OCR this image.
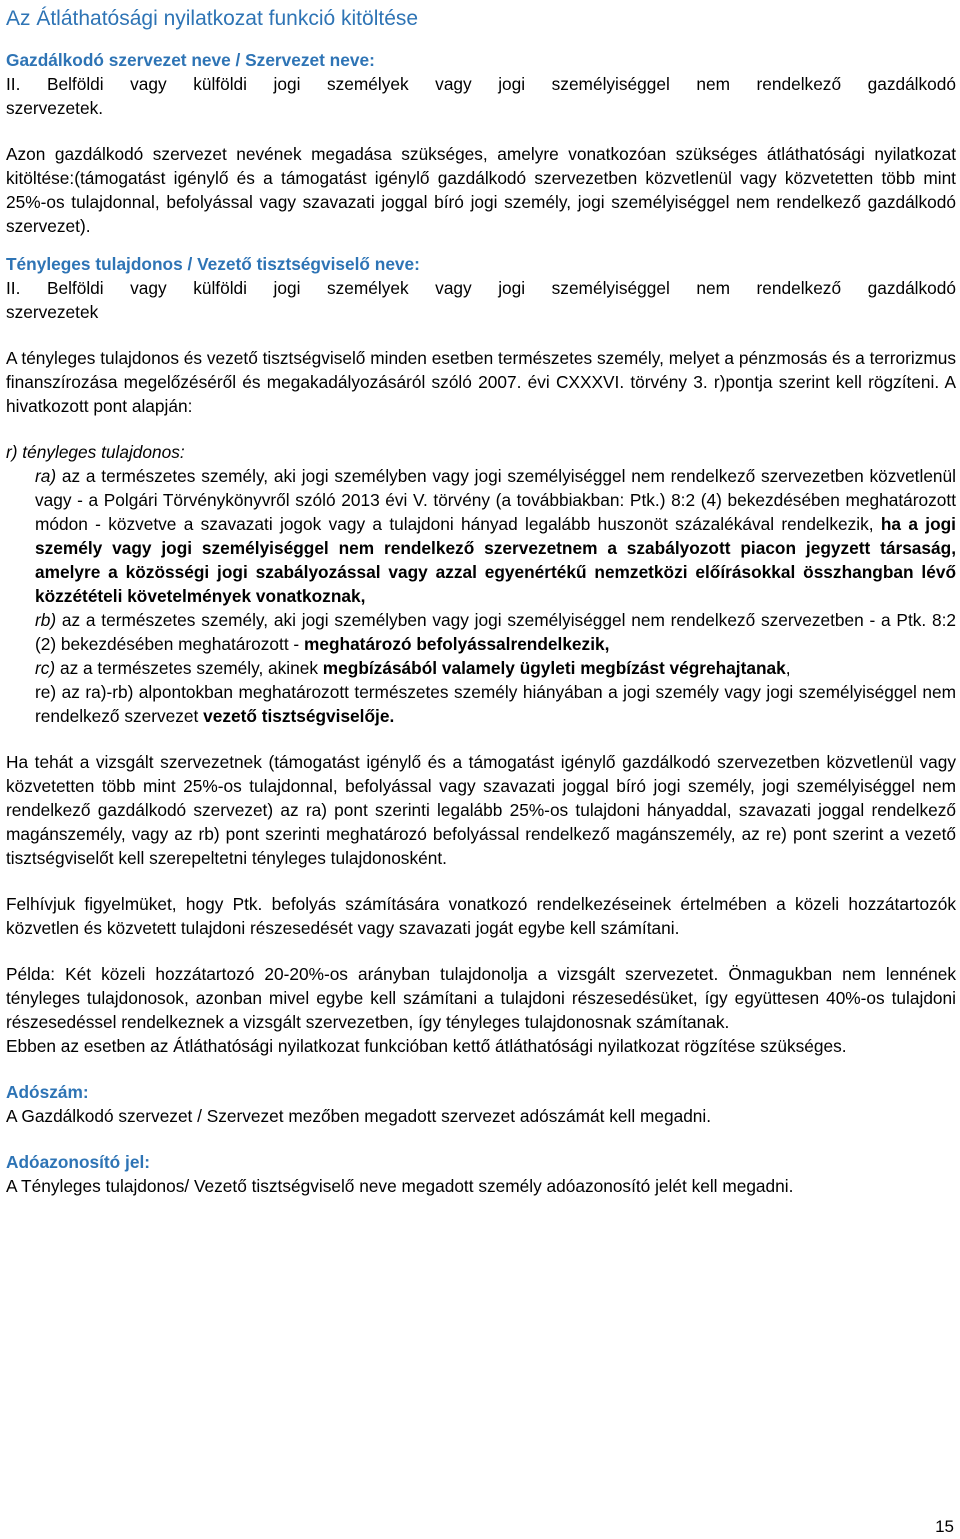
Az Átláthatósági nyilatkozat funkció kitöltése

Gazdálkodó szervezet neve / Szervezet neve:

II. Belföldi vagy külföldi jogi személyek vagy jogi személyiséggel nem rendelkező gazdálkodó

szervezetek.

Azon gazdálkodó szervezet nevének megadása szükséges, amelyre vonatkozóan szükséges átláthatósági nyilatkozat kitöltése:(támogatást igénylő és a támogatást igénylő gazdálkodó szervezetben közvetlenül vagy közvetetten több mint 25%-os tulajdonnal, befolyással vagy szavazati joggal bíró jogi személy, jogi személyiséggel nem rendelkező gazdálkodó szervezet).

Tényleges tulajdonos / Vezető tisztségviselő neve:

II. Belföldi vagy külföldi jogi személyek vagy jogi személyiséggel nem rendelkező gazdálkodó

szervezetek

A tényleges tulajdonos és vezető tisztségviselő minden esetben természetes személy, melyet a pénzmosás és a terrorizmus finanszírozása megelőzéséről és megakadályozásáról szóló 2007. évi CXXXVI. törvény 3. r)pontja szerint kell rögzíteni. A hivatkozott pont alapján:

r) tényleges tulajdonos:

ra) az a természetes személy, aki jogi személyben vagy jogi személyiséggel nem rendelkező szervezetben közvetlenül vagy - a Polgári Törvénykönyvről szóló 2013 évi V. törvény (a továbbiakban: Ptk.) 8:2 (4) bekezdésében meghatározott módon - közvetve a szavazati jogok vagy a tulajdoni hányad legalább huszonöt százalékával rendelkezik, ha a jogi személy vagy jogi személyiséggel nem rendelkező szervezetnem a szabályozott piacon jegyzett társaság, amelyre a közösségi jogi szabályozással vagy azzal egyenértékű nemzetközi előírásokkal összhangban lévő közzétételi követelmények vonatkoznak,

rb) az a természetes személy, aki jogi személyben vagy jogi személyiséggel nem rendelkező szervezetben - a Ptk. 8:2 (2) bekezdésében meghatározott - meghatározó befolyássalrendelkezik,

rc) az a természetes személy, akinek megbízásából valamely ügyleti megbízást végrehajtanak,

re) az ra)-rb) alpontokban meghatározott természetes személy hiányában a jogi személy vagy jogi személyiséggel nem rendelkező szervezet vezető tisztségviselője.

Ha tehát a vizsgált szervezetnek (támogatást igénylő és a támogatást igénylő gazdálkodó szervezetben közvetlenül vagy közvetetten több mint 25%-os tulajdonnal, befolyással vagy szavazati joggal bíró jogi személy, jogi személyiséggel nem rendelkező gazdálkodó szervezet) az ra) pont szerinti legalább 25%-os tulajdoni hányaddal, szavazati joggal rendelkező magánszemély, vagy az rb) pont szerinti meghatározó befolyással rendelkező magánszemély, az re) pont szerint a vezető tisztségviselőt kell szerepeltetni tényleges tulajdonosként.

Felhívjuk figyelmüket, hogy Ptk. befolyás számítására vonatkozó rendelkezéseinek értelmében a közeli hozzátartozók közvetlen és közvetett tulajdoni részesedését vagy szavazati jogát egybe kell számítani.

Példa: Két közeli hozzátartozó 20-20%-os arányban tulajdonolja a vizsgált szervezetet. Önmagukban nem lennének tényleges tulajdonosok, azonban mivel egybe kell számítani a tulajdoni részesedésüket, így együttesen 40%-os tulajdoni részesedéssel rendelkeznek a vizsgált szervezetben, így tényleges tulajdonosnak számítanak.

Ebben az esetben az Átláthatósági nyilatkozat funkcióban kettő átláthatósági nyilatkozat rögzítése szükséges.

Adószám:

A Gazdálkodó szervezet / Szervezet mezőben megadott szervezet adószámát kell megadni.

Adóazonosító jel:

A Tényleges tulajdonos/ Vezető tisztségviselő neve megadott személy adóazonosító jelét kell megadni.

15
